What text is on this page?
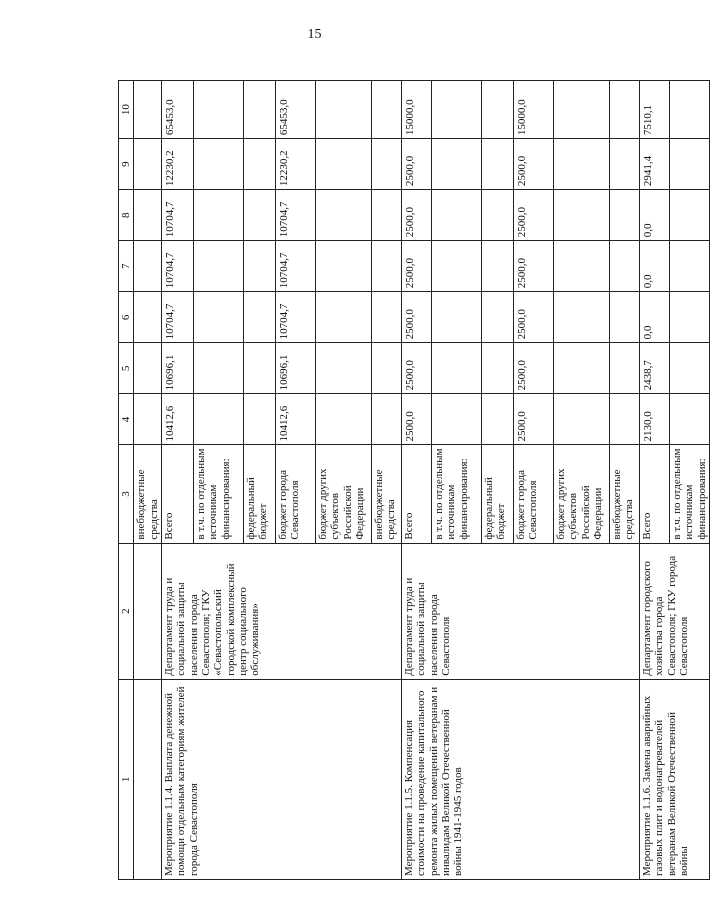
15
1	2	3	4	5	6	7	8	9	10
		внебюджетные средства							
Мероприятие 1.1.4. Выплата денежной помощи отдельным категориям жителей города Севастополя	Департамент труда и социальной защиты населения города Севастополя; ГКУ «Севастопольский городской комплексный центр социального обслуживания»	Всего	10412,6	10696,1	10704,7	10704,7	10704,7	12230,2	65453,0
		в т.ч. по отдельным источникам финансирования:							
		федеральный бюджет							
		бюджет города Севастополя	10412,6	10696,1	10704,7	10704,7	10704,7	12230,2	65453,0
		бюджет других субъектов Российской Федерации							
		внебюджетные средства							
Мероприятие 1.1.5. Компенсация стоимости на проведение капитального ремонта жилых помещений ветеранам и инвалидам Великой Отечественной войны 1941-1945 годов	Департамент труда и социальной защиты населения города Севастополя	Всего	2500,0	2500,0	2500,0	2500,0	2500,0	2500,0	15000,0
		в т.ч. по отдельным источникам финансирования:							
		федеральный бюджет							
		бюджет города Севастополя	2500,0	2500,0	2500,0	2500,0	2500,0	2500,0	15000,0
		бюджет других субъектов Российской Федерации							
		внебюджетные средства							
Мероприятие 1.1.6. Замена аварийных газовых плит и водонагревателей ветеранам Великой Отечественной войны	Департамент городского хозяйства города Севастополя; ГКУ города Севастополя	Всего	2130,0	2438,7	0,0	0,0	0,0	2941,4	7510,1
		в т.ч. по отдельным источникам финансирования:							
